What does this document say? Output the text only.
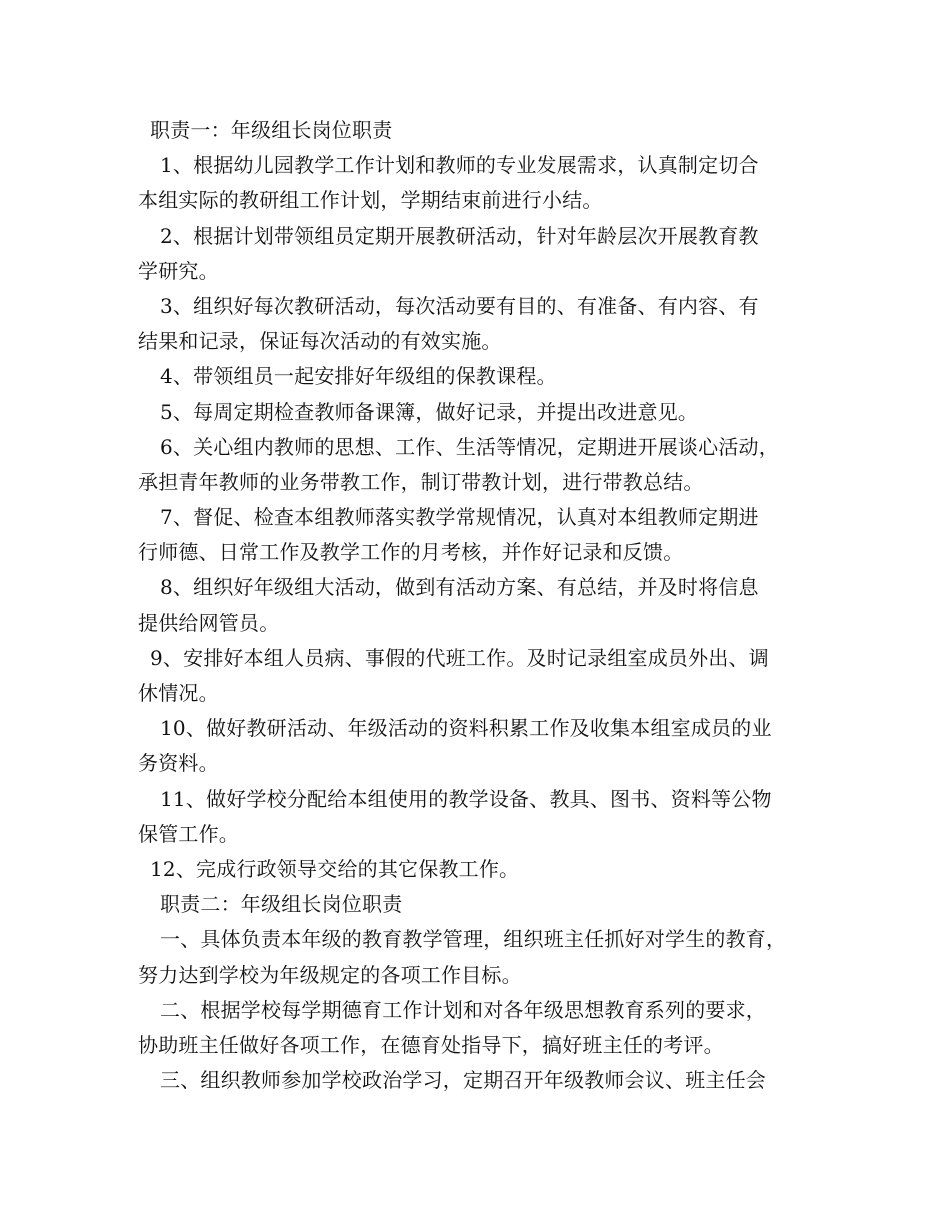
职责一：年级组长岗位职责
1、根据幼儿园教学工作计划和教师的专业发展需求，认真制定切合
本组实际的教研组工作计划，学期结束前进行小结。
2、根据计划带领组员定期开展教研活动，针对年龄层次开展教育教
学研究。
3、组织好每次教研活动，每次活动要有目的、有准备、有内容、有
结果和记录，保证每次活动的有效实施。
4、带领组员一起安排好年级组的保教课程。
5、每周定期检查教师备课簿，做好记录，并提出改进意见。
6、关心组内教师的思想、工作、生活等情况，定期进开展谈心活动，
承担青年教师的业务带教工作，制订带教计划，进行带教总结。
7、督促、检查本组教师落实教学常规情况，认真对本组教师定期进
行师德、日常工作及教学工作的月考核，并作好记录和反馈。
8、组织好年级组大活动，做到有活动方案、有总结，并及时将信息
提供给网管员。
9、安排好本组人员病、事假的代班工作。及时记录组室成员外出、调
休情况。
10、做好教研活动、年级活动的资料积累工作及收集本组室成员的业
务资料。
11、做好学校分配给本组使用的教学设备、教具、图书、资料等公物
保管工作。
12、完成行政领导交给的其它保教工作。
职责二：年级组长岗位职责
一、具体负责本年级的教育教学管理，组织班主任抓好对学生的教育，
努力达到学校为年级规定的各项工作目标。
二、根据学校每学期德育工作计划和对各年级思想教育系列的要求，
协助班主任做好各项工作，在德育处指导下，搞好班主任的考评。
三、组织教师参加学校政治学习，定期召开年级教师会议、班主任会
